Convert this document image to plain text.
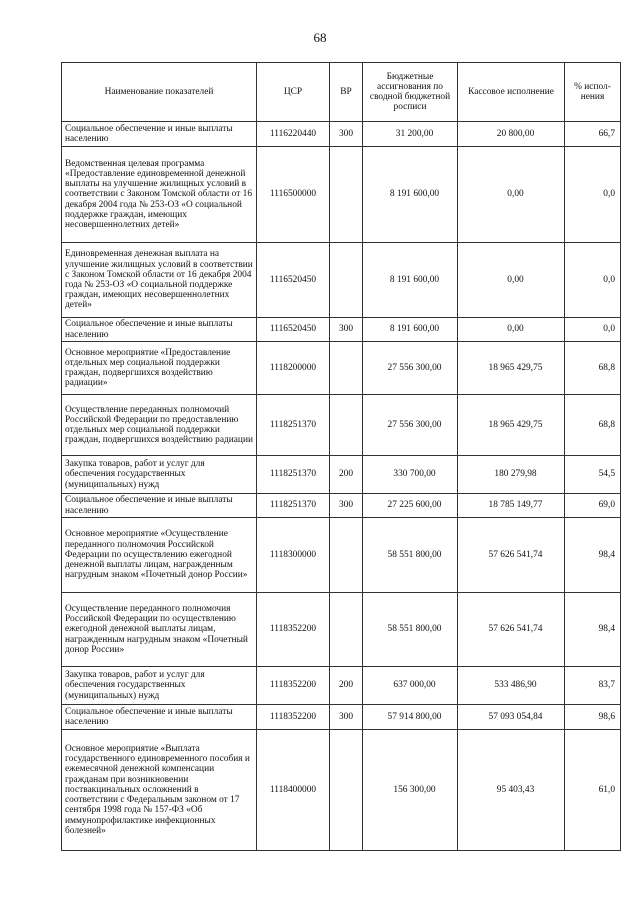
68
Наименование показателей	ЦСР	ВР	Бюджетные ассигнования по сводной бюджетной росписи	Кассовое исполнение	% испол-нения
Социальное обеспечение и иные выплаты населению	1116220440	300	31 200,00	20 800,00	66,7
Ведомственная целевая программа «Предоставление единовременной денежной выплаты на улучшение жилищных условий в соответствии с Законом Томской области от 16 декабря 2004 года № 253-ОЗ «О социальной поддержке граждан, имеющих несовершеннолетних детей»	1116500000		8 191 600,00	0,00	0,0
Единовременная денежная выплата на улучшение жилищных условий в соответствии с Законом Томской области от 16 декабря 2004 года № 253-ОЗ «О социальной поддержке граждан, имеющих несовершеннолетних детей»	1116520450		8 191 600,00	0,00	0,0
Социальное обеспечение и иные выплаты населению	1116520450	300	8 191 600,00	0,00	0,0
Основное мероприятие «Предоставление отдельных мер социальной поддержки граждан, подвергшихся воздействию радиации»	1118200000		27 556 300,00	18 965 429,75	68,8
Осуществление переданных полномочий Российской Федерации по предоставлению отдельных мер социальной поддержки граждан, подвергшихся воздействию радиации	1118251370		27 556 300,00	18 965 429,75	68,8
Закупка товаров, работ и услуг для обеспечения государственных (муниципальных) нужд	1118251370	200	330 700,00	180 279,98	54,5
Социальное обеспечение и иные выплаты населению	1118251370	300	27 225 600,00	18 785 149,77	69,0
Основное мероприятие «Осуществление переданного полномочия Российской Федерации по осуществлению ежегодной денежной выплаты лицам, награжденным нагрудным знаком «Почетный донор России»	1118300000		58 551 800,00	57 626 541,74	98,4
Осуществление переданного полномочия Российской Федерации по осуществлению ежегодной денежной выплаты лицам, награжденным нагрудным знаком «Почетный донор России»	1118352200		58 551 800,00	57 626 541,74	98,4
Закупка товаров, работ и услуг для обеспечения государственных (муниципальных) нужд	1118352200	200	637 000,00	533 486,90	83,7
Социальное обеспечение и иные выплаты населению	1118352200	300	57 914 800,00	57 093 054,84	98,6
Основное мероприятие «Выплата государственного единовременного пособия и ежемесячной денежной компенсации гражданам при возникновении поствакцинальных осложнений в соответствии с Федеральным законом от 17 сентября 1998 года № 157-ФЗ «Об иммунопрофилактике инфекционных болезней»	1118400000		156 300,00	95 403,43	61,0
